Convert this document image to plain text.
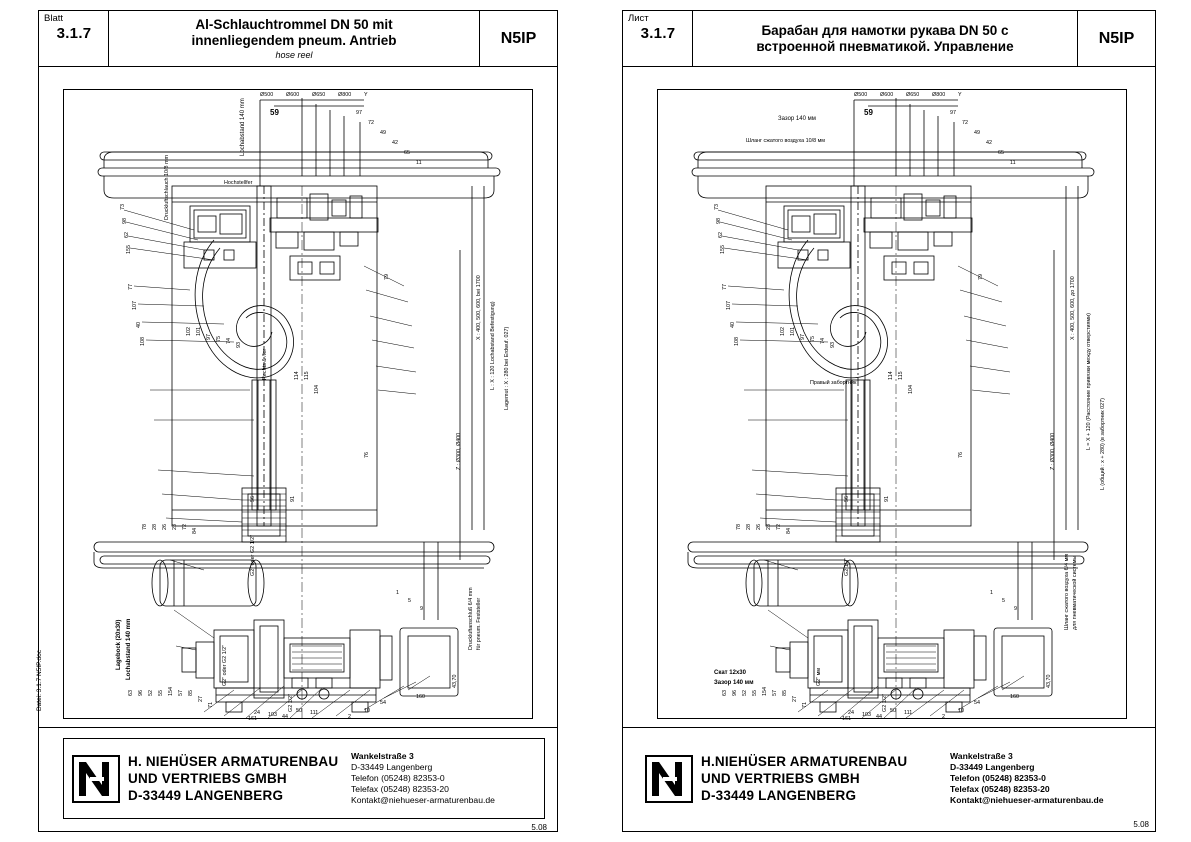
Blatt
3.1.7
Al-Schlauchtrommel DN 50 mit
innenliegendem pneum. Antrieb
hose reel
N5IP
Ø500 Ø600 Ø650 Ø800 Y
Lochabstand 140 mm
Druckluftschlauch 10/8 mm
59
73
98
62
155
77
107
40
108
79
102 101
97 75 74
93
114 115
104
76
91
56
X : 400, 500, 600, bei 1700 L : X : 120 Lochabstand Befestigung)
Z : Ø300, Ø400
Lagemut : X : 280 bei Erdwuf. 027)
Hochstellfer
Rechts & /fer
Lagebock (20x30) Lochabstand 140 mm
78 28 26 23 72
84
63 96 52 55 154 57 85
27
71
24 103 44
50 111
1
5
9
2
10
54
160
G2" oder G2 1/2"
G2" oder G2 1/2"
G2 1/2"
Druckluftanschluß 6/4 mm für pneum. Feststeller
43,70
161
97
72
49
42
65
11
H. NIEHÜSER ARMATURENBAU
UND VERTRIEBS GMBH
D-33449 LANGENBERG
Wankelstraße 3
D-33449 Langenberg
Telefon (05248) 82353-0
Telefax (05248) 82353-20
Kontakt@niehueser-armaturenbau.de
5.08
Datei: 3.1.7 N5IP.doc
Лист
3.1.7	Барабан для намотки рукава DN 50 с
встроенной пневматикой. Управление	N5IP
Ø500 Ø600 Ø650 Ø800 Y
Зазор 140 мм
Шланг сжатого воздуха 10/8 мм
59
73
98
62
155
77
107
40
108
79
102 101
97 75 74
93
114 115
104
76
91
56
X : 400, 500, 600, до 1700
L = X + 120 (Расстояние привязки между отверстиями)
Z : Ø300, Ø400	L (общий : х + 280) (в забортник 027)
Правый забортник
Скат 12х30
Зазор 140 мм
78 28 26 23 72
84
63 96 52 55 154 57 85
27
71
24 103 44
50 111
1
5
9
2
10
54
160
161
G2" мм
G2 1/2"
G2 1/2"
Шланг сжатого воздуха 6/4 мм для пневматической системы
43,70
97
72
49
42
65
11
H.NIEHÜSER ARMATURENBAU
UND VERTRIEBS GMBH
D-33449 LANGENBERG
Wankelstraße 3
D-33449 Langenberg
Telefon (05248) 82353-0
Telefax (05248) 82353-20
Kontakt@niehueser-armaturenbau.de
5.08
